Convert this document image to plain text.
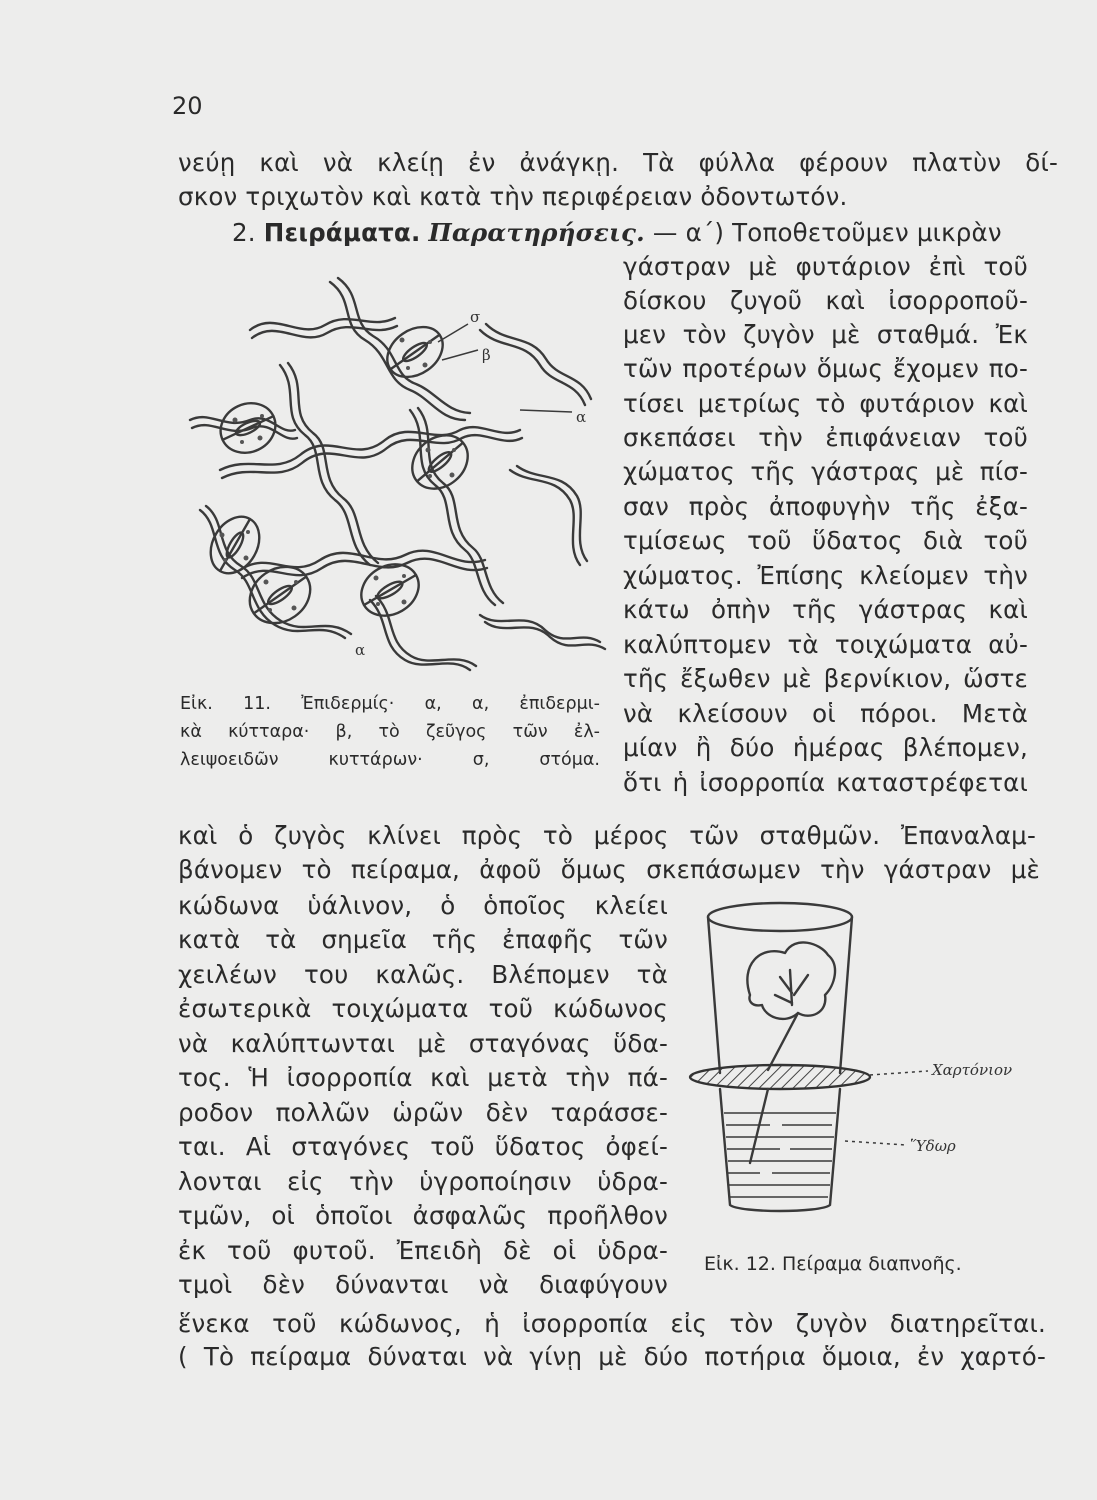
20
νεύῃ καὶ νὰ κλείῃ ἐν ἀνάγκῃ. Τὰ φύλλα φέρουν πλατὺν δί-
σκον τριχωτὸν καὶ κατὰ τὴν περιφέρειαν ὀδοντωτόν.
2. Πειράματα. Παρατηρήσεις. — α΄) Τοποθετοῦμεν μικρὰν
γάστραν μὲ φυτάριον ἐπὶ τοῦ
δίσκου ζυγοῦ καὶ ἰσορροποῦ-
μεν τὸν ζυγὸν μὲ σταθμά. Ἐκ
τῶν προτέρων ὅμως ἔχομεν πο-
τίσει μετρίως τὸ φυτάριον καὶ
σκεπάσει τὴν ἐπιφάνειαν τοῦ
χώματος τῆς γάστρας μὲ πίσ-
σαν πρὸς ἀποφυγὴν τῆς ἐξα-
τμίσεως τοῦ ὕδατος διὰ τοῦ
χώματος. Ἐπίσης κλείομεν τὴν
κάτω ὀπὴν τῆς γάστρας καὶ
καλύπτομεν τὰ τοιχώματα αὐ-
τῆς ἔξωθεν μὲ βερνίκιον, ὥστε
νὰ κλείσουν οἱ πόροι. Μετὰ
μίαν ἢ δύο ἡμέρας βλέπομεν,
ὅτι ἡ ἰσορροπία καταστρέφεται
σ
β
α
α
Εἰκ. 11. Ἐπιδερμίς· α, α, ἐπιδερμι-
κὰ κύτταρα· β, τὸ ζεῦγος τῶν ἐλ-
λειψοειδῶν κυττάρων· σ, στόμα.
καὶ ὁ ζυγὸς κλίνει πρὸς τὸ μέρος τῶν σταθμῶν. Ἐπαναλαμ-
βάνομεν τὸ πείραμα, ἀφοῦ ὅμως σκεπάσωμεν τὴν γάστραν μὲ
κώδωνα ὑάλινον, ὁ ὁποῖος κλείει
κατὰ τὰ σημεῖα τῆς ἐπαφῆς τῶν
χειλέων του καλῶς. Βλέπομεν τὰ
ἐσωτερικὰ τοιχώματα τοῦ κώδωνος
νὰ καλύπτωνται μὲ σταγόνας ὕδα-
τος. Ἡ ἰσορροπία καὶ μετὰ τὴν πά-
ροδον πολλῶν ὡρῶν δὲν ταράσσε-
ται. Αἱ σταγόνες τοῦ ὕδατος ὀφεί-
λονται εἰς τὴν ὑγροποίησιν ὑδρα-
τμῶν, οἱ ὁποῖοι ἀσφαλῶς προῆλθον
ἐκ τοῦ φυτοῦ. Ἐπειδὴ δὲ οἱ ὑδρα-
τμοὶ δὲν δύνανται νὰ διαφύγουν
Χαρτόνιον
Ὕδωρ
Εἰκ. 12. Πείραμα διαπνοῆς.
ἕνεκα τοῦ κώδωνος, ἡ ἰσορροπία εἰς τὸν ζυγὸν διατηρεῖται.
( Τὸ πείραμα δύναται νὰ γίνῃ μὲ δύο ποτήρια ὅμοια, ἐν χαρτό-
